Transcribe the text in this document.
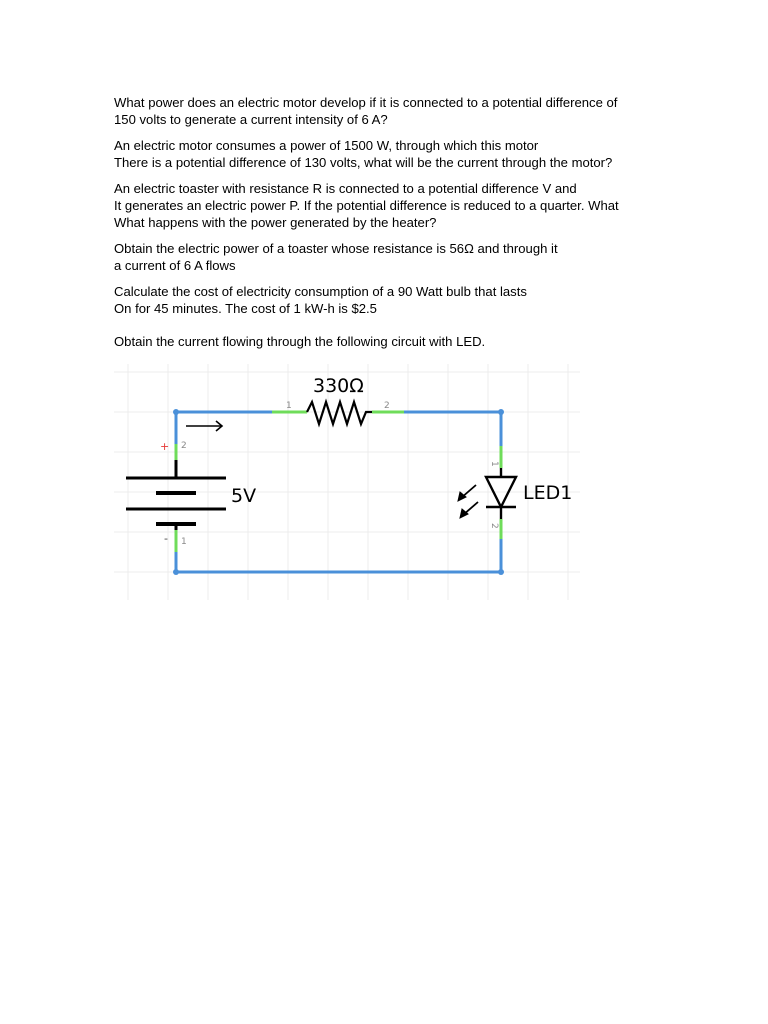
What power does an electric motor develop if it is connected to a potential difference of
150 volts to generate a current intensity of 6 A?

An electric motor consumes a power of 1500 W, through which this motor
There is a potential difference of 130 volts, what will be the current through the motor?

An electric toaster with resistance R is connected to a potential difference V and
It generates an electric power P. If the potential difference is reduced to a quarter. What
What happens with the power generated by the heater?

Obtain the electric power of a toaster whose resistance is 56Ω and through it
a current of 6 A flows

Calculate the cost of electricity consumption of a 90 Watt bulb that lasts
On for 45 minutes. The cost of 1 kW-h is $2.5

Obtain the current flowing through the following circuit with LED.

330Ω
1	2
5V
+ 2
- 1
LED1
1
2
